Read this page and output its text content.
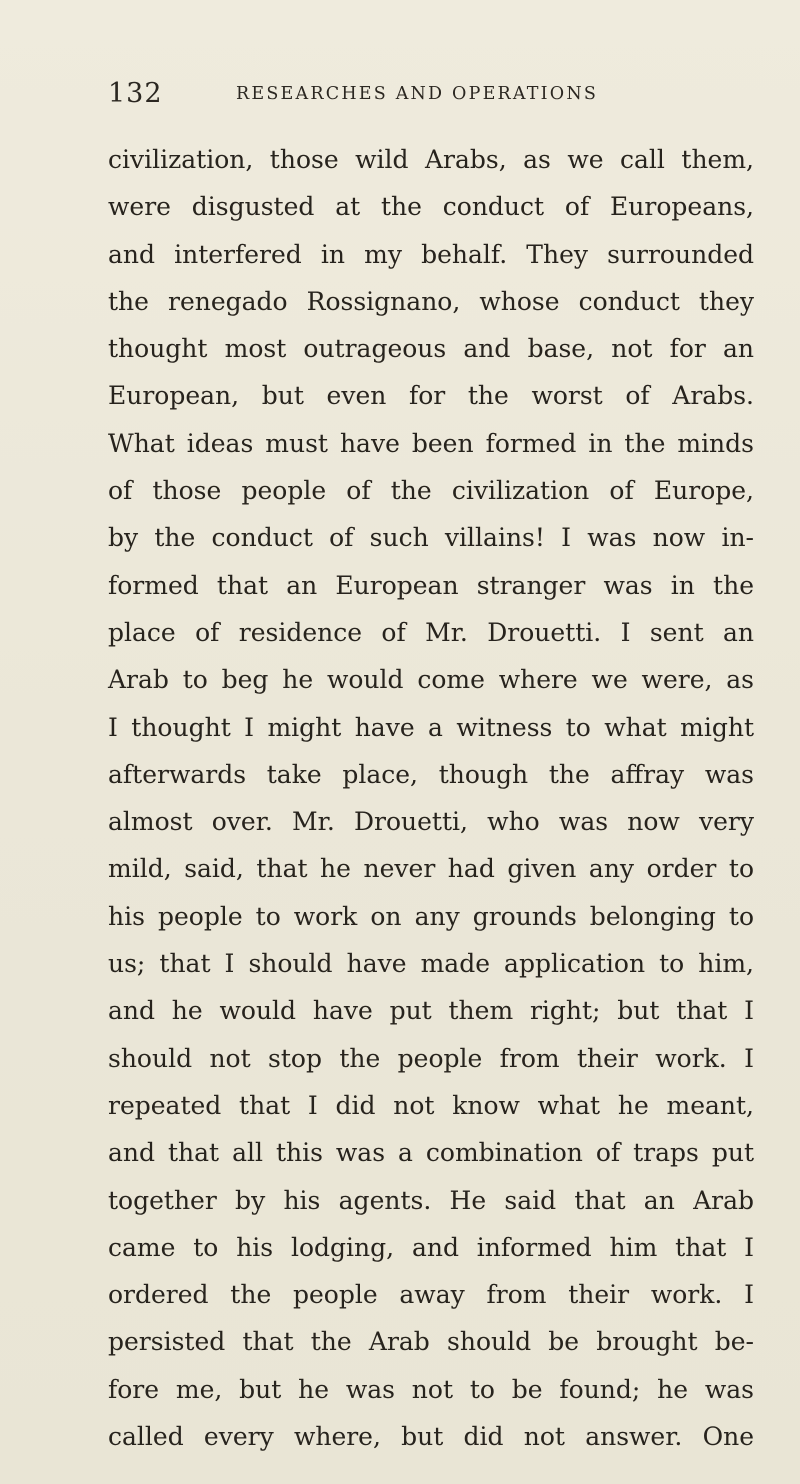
132	RESEARCHES AND OPERATIONS
civilization, those wild Arabs, as we call them,
were disgusted at the conduct of Europeans,
and interfered in my behalf. They surrounded
the renegado Rossignano, whose conduct they
thought most outrageous and base, not for an
European, but even for the worst of Arabs.
What ideas must have been formed in the minds
of those people of the civilization of Europe,
by the conduct of such villains! I was now in-
formed that an European stranger was in the
place of residence of Mr. Drouetti. I sent an
Arab to beg he would come where we were, as
I thought I might have a witness to what might
afterwards take place, though the affray was
almost over. Mr. Drouetti, who was now very
mild, said, that he never had given any order to
his people to work on any grounds belonging to
us; that I should have made application to him,
and he would have put them right; but that I
should not stop the people from their work. I
repeated that I did not know what he meant,
and that all this was a combination of traps put
together by his agents. He said that an Arab
came to his lodging, and informed him that I
ordered the people away from their work. I
persisted that the Arab should be brought be-
fore me, but he was not to be found; he was
called every where, but did not answer. One
